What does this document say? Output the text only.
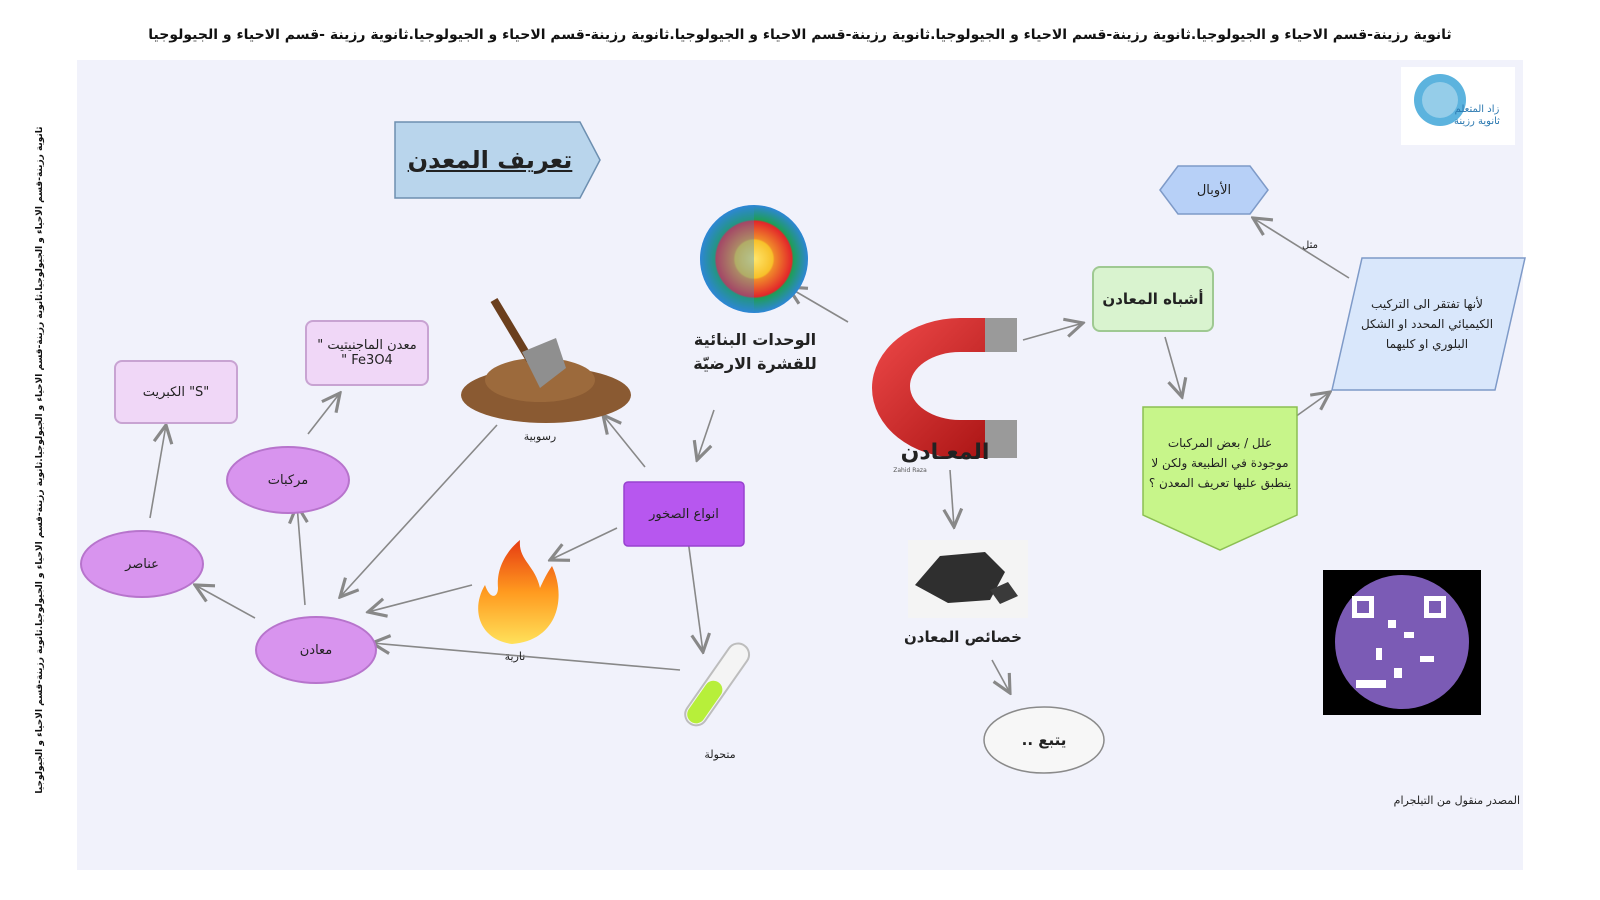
ثانوية رزينة-قسم الاحياء و الجيولوجيا.ثانوية رزينة-قسم الاحياء و الجيولوجيا.ثانوية رزينة-قسم الاحياء و الجيولوجيا.ثانوية رزينة-قسم الاحياء و الجيولوجيا.ثانوية رزينة -قسم الاحياء و الجيولوجيا
ثانوية رزينة-قسم الاحياء و الجيولوجيا.ثانوية رزينة-قسم الاحياء و الجيولوجيا.ثانوية رزينة-قسم الاحياء و الجيولوجيا.ثانوية رزينة-قسم الاحياء و الجيولوجيا	تعريف المعدن
زاد المتعلم
ثانوية رزينة
الوحدات البنائية للقشرة الارضيّة
المعـادن
Zahid Raza
انواع الصخور
رسوبية
نارية
متحولة
معادن
عناصر
مركبات
الكبريت "S"
معدن الماجنيتيت " Fe3O4 "
خصائص المعادن
يتبع ..
أشباه المعادن
علل / بعض المركبات موجودة في الطبيعة ولكن لا ينطبق عليها تعريف المعدن ؟
لأنها تفتقر الى التركيب الكيميائي المحدد او الشكل البلوري او كليهما
مثل
الأوبال
المصدر منقول من التيلجرام
